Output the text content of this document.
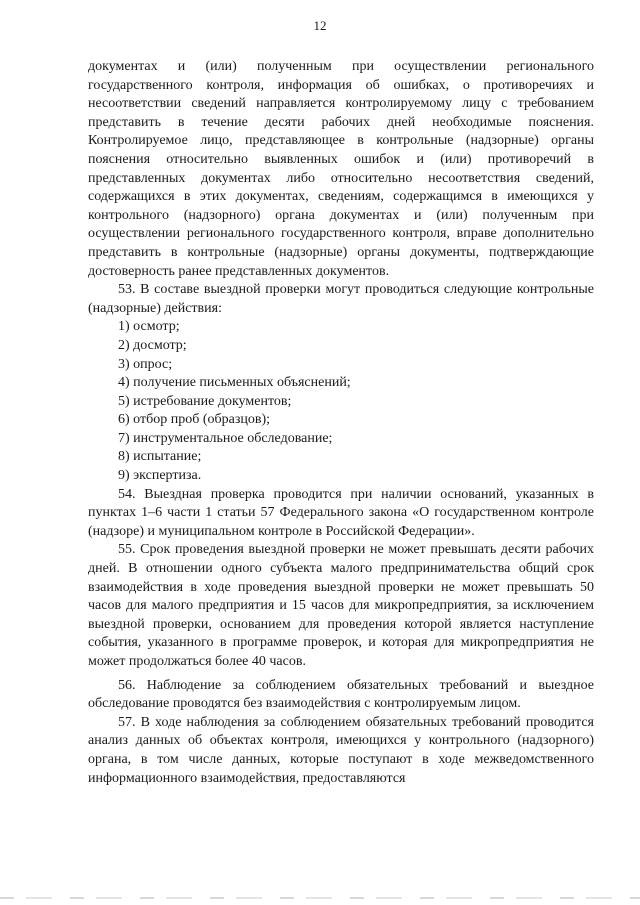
12

документах и (или) полученным при осуществлении регионального государственного контроля, информация об ошибках, о противоречиях и несоответствии сведений направляется контролируемому лицу с требованием представить в течение десяти рабочих дней необходимые пояснения. Контролируемое лицо, представляющее в контрольные (надзорные) органы пояснения относительно выявленных ошибок и (или) противоречий в представленных документах либо относительно несоответствия сведений, содержащихся в этих документах, сведениям, содержащимся в имеющихся у контрольного (надзорного) органа документах и (или) полученным при осуществлении регионального государственного контроля, вправе дополнительно представить в контрольные (надзорные) органы документы, подтверждающие достоверность ранее представленных документов.

53. В составе выездной проверки могут проводиться следующие контрольные (надзорные) действия:

1) осмотр;

2) досмотр;

3) опрос;

4) получение письменных объяснений;

5) истребование документов;

6) отбор проб (образцов);

7) инструментальное обследование;

8) испытание;

9) экспертиза.

54. Выездная проверка проводится при наличии оснований, указанных в пунктах 1–6 части 1 статьи 57 Федерального закона «О государственном контроле (надзоре) и муниципальном контроле в Российской Федерации».

55. Срок проведения выездной проверки не может превышать десяти рабочих дней. В отношении одного субъекта малого предпринимательства общий срок взаимодействия в ходе проведения выездной проверки не может превышать 50 часов для малого предприятия и 15 часов для микропредприятия, за исключением выездной проверки, основанием для проведения которой является наступление события, указанного в программе проверок, и которая для микропредприятия не может продолжаться более 40 часов.

56. Наблюдение за соблюдением обязательных требований и выездное обследование проводятся без взаимодействия с контролируемым лицом.

57. В ходе наблюдения за соблюдением обязательных требований проводится анализ данных об объектах контроля, имеющихся у контрольного (надзорного) органа, в том числе данных, которые поступают в ходе межведомственного информационного взаимодействия, предоставляются
